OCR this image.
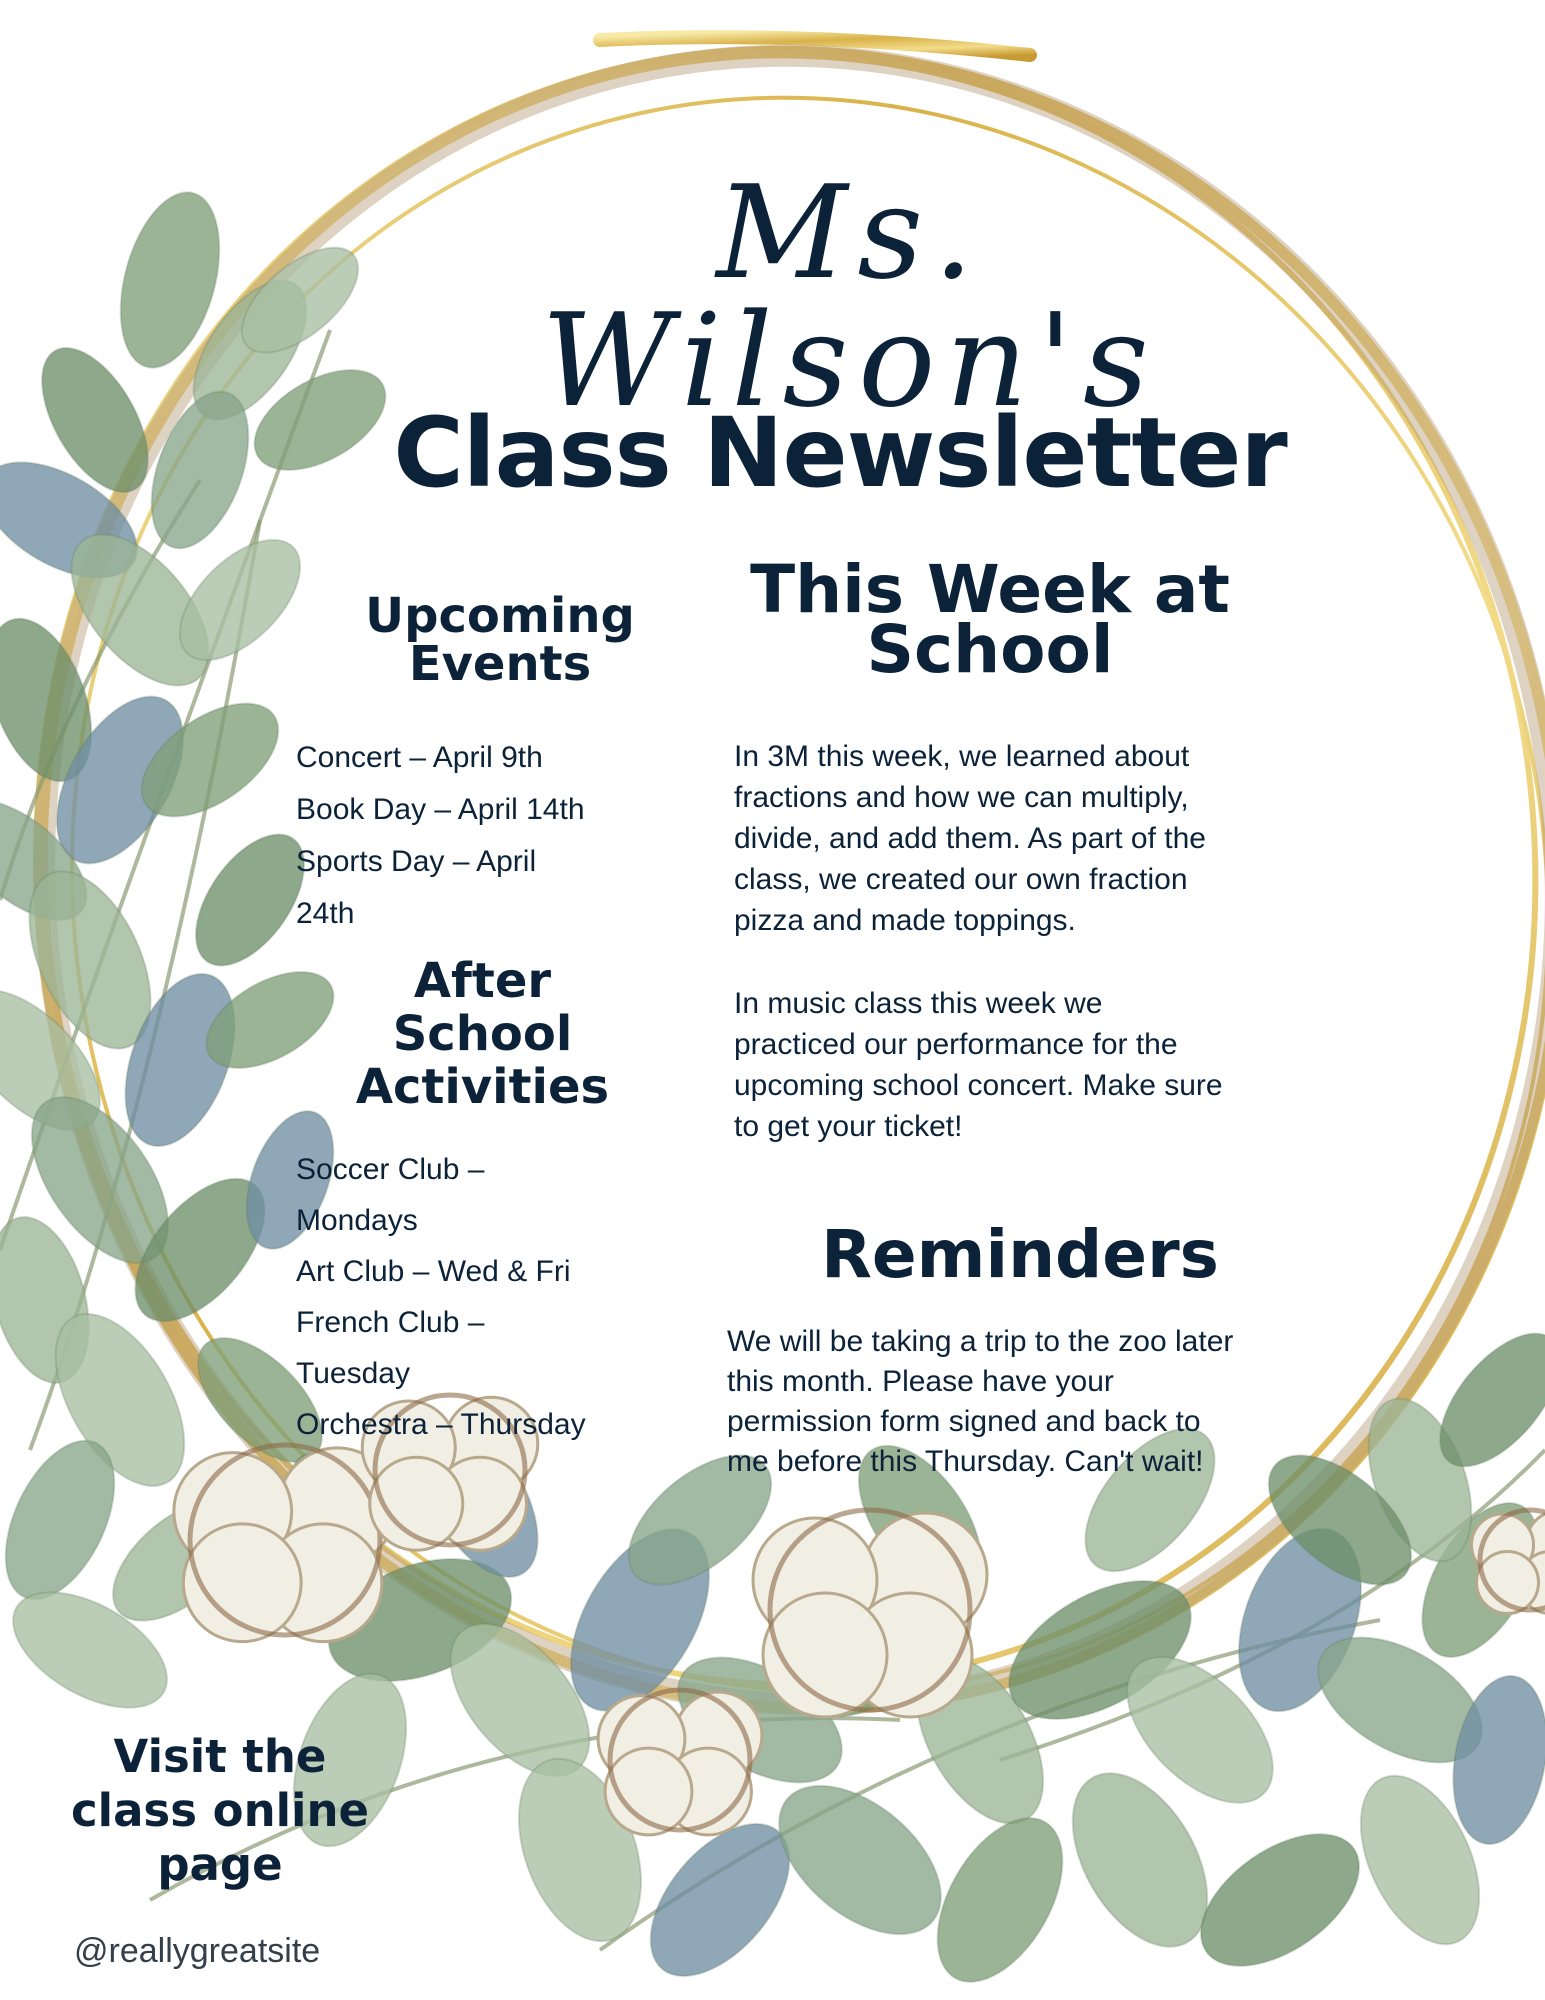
Ms. Wilson's
Class Newsletter
Upcoming
Events
Concert – April 9th
Book Day – April 14th
Sports Day – April
24th
After
School
Activities
Soccer Club –
Mondays
Art Club – Wed & Fri
French Club –
Tuesday
Orchestra – Thursday
This Week at
School
In 3M this week, we learned about
fractions and how we can multiply,
divide, and add them. As part of the
class, we created our own fraction
pizza and made toppings.
In music class this week we
practiced our performance for the
upcoming school concert. Make sure
to get your ticket!
Reminders
We will be taking a trip to the zoo later
this month. Please have your
permission form signed and back to
me before this Thursday. Can't wait!
Visit the
class online
page
@reallygreatsite
